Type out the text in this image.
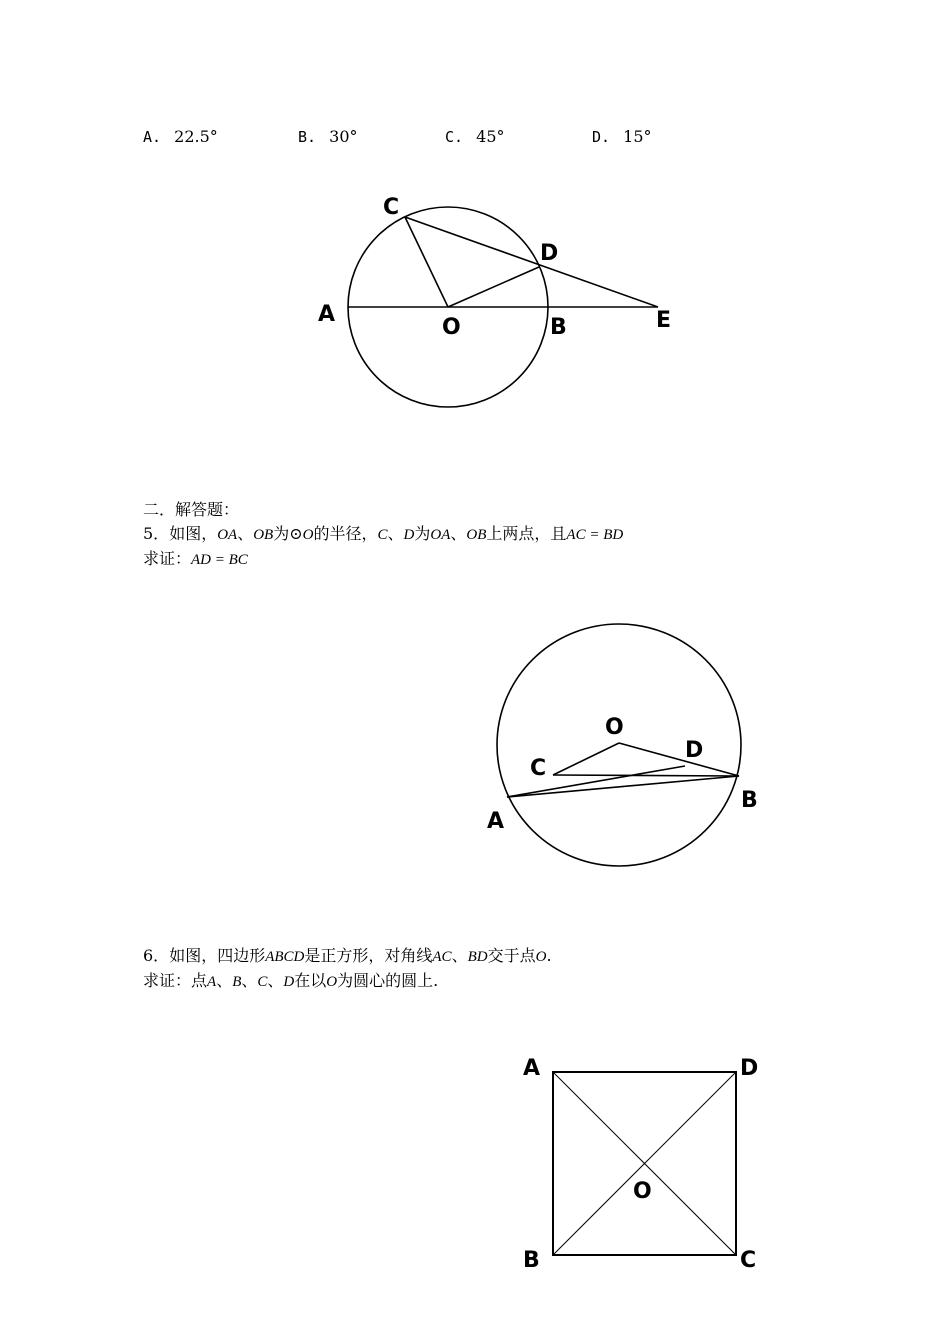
A. 22.5°	B. 30°	C. 45°	D. 15°
二．解答题：
5．如图，OA、OB为⊙O的半径，C、D为OA、OB上两点，且AC = BD
求证：AD = BC
6．如图，四边形ABCD是正方形，对角线AC、BD交于点O.
求证：点A、B、C、D在以O为圆心的圆上.
A
O	B	E
C
D
O
D
C
B
A
A	D
O
B	C
